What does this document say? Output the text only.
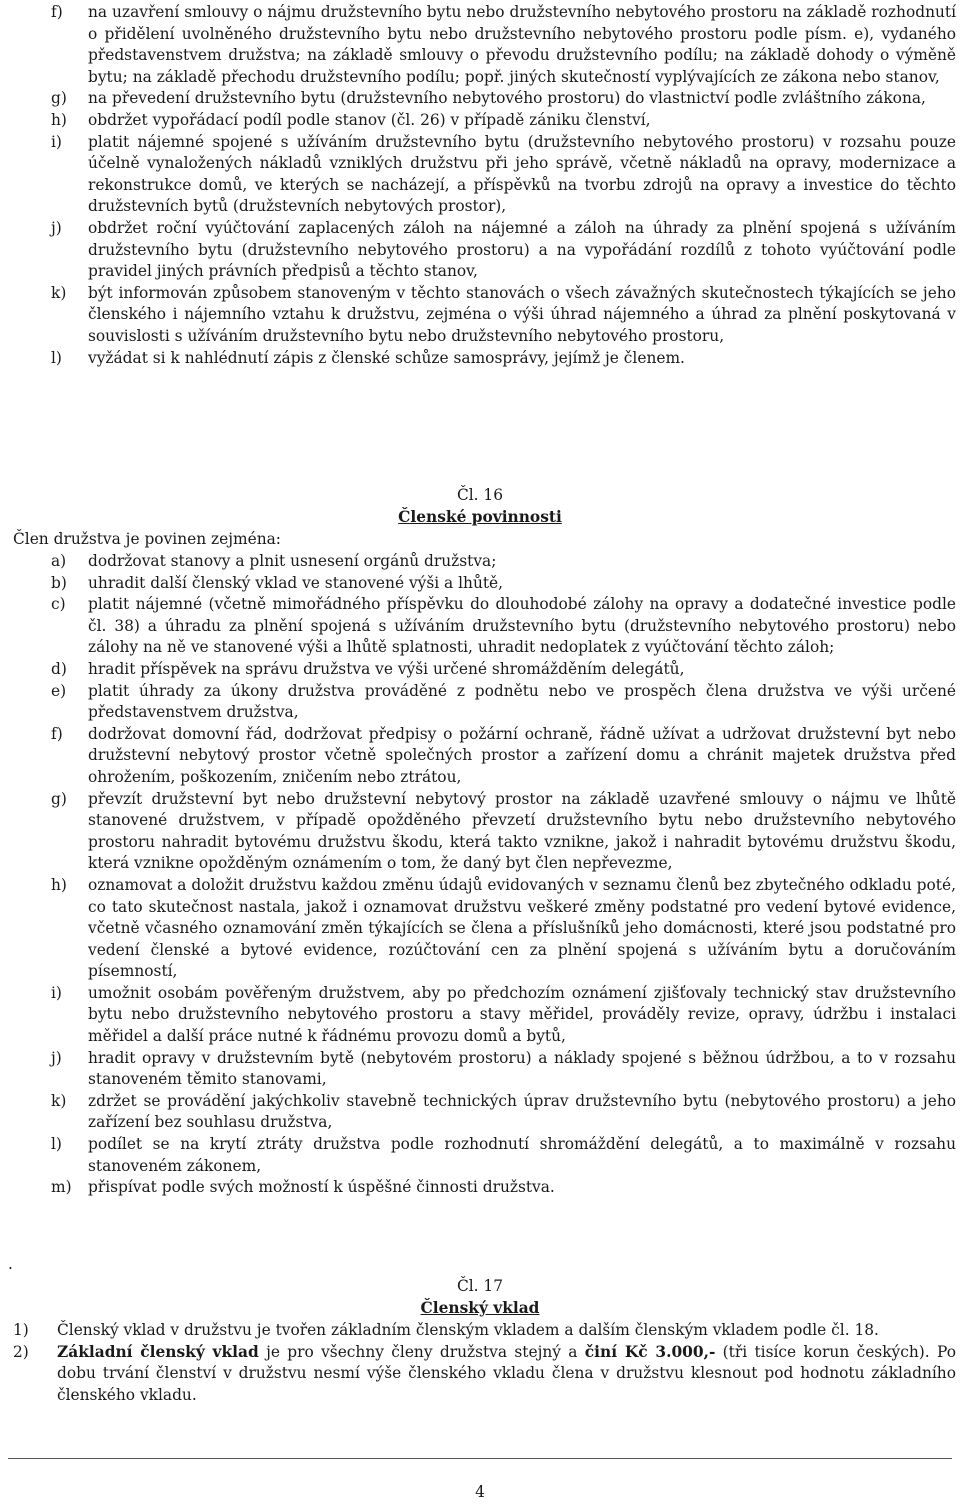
f) na uzavření smlouvy o nájmu družstevního bytu nebo družstevního nebytového prostoru na základě rozhodnutí o přidělení uvolněného družstevního bytu nebo družstevního nebytového prostoru podle písm. e), vydaného představenstvem družstva; na základě smlouvy o převodu družstevního podílu; na základě dohody o výměně bytu; na základě přechodu družstevního podílu; popř. jiných skutečností vyplývajících ze zákona nebo stanov,
g) na převedení družstevního bytu (družstevního nebytového prostoru) do vlastnictví podle zvláštního zákona,
h) obdržet vypořádací podíl podle stanov (čl. 26) v případě zániku členství,
i) platit nájemné spojené s užíváním družstevního bytu (družstevního nebytového prostoru) v rozsahu pouze účelně vynaložených nákladů vzniklých družstvu při jeho správě, včetně nákladů na opravy, modernizace a rekonstrukce domů, ve kterých se nacházejí, a příspěvků na tvorbu zdrojů na opravy a investice do těchto družstevních bytů (družstevních nebytových prostor),
j) obdržet roční vyúčtování zaplacených záloh na nájemné a záloh na úhrady za plnění spojená s užíváním družstevního bytu (družstevního nebytového prostoru) a na vypořádání rozdílů z tohoto vyúčtování podle pravidel jiných právních předpisů a těchto stanov,
k) být informován způsobem stanoveným v těchto stanovách o všech závažných skutečnostech týkajících se jeho členského i nájemního vztahu k družstvu, zejména o výši úhrad nájemného a úhrad za plnění poskytovaná v souvislosti s užíváním družstevního bytu nebo družstevního nebytového prostoru,
l) vyžádat si k nahlédnutí zápis z členské schůze samosprávy, jejímž je členem.
Čl. 16
Členské povinnosti
Člen družstva je povinen zejména:
a) dodržovat stanovy a plnit usnesení orgánů družstva;
b) uhradit další členský vklad ve stanovené výši a lhůtě,
c) platit nájemné (včetně mimořádného příspěvku do dlouhodobé zálohy na opravy a dodatečné investice podle čl. 38) a úhradu za plnění spojená s užíváním družstevního bytu (družstevního nebytového prostoru) nebo zálohy na ně ve stanovené výši a lhůtě splatnosti, uhradit nedoplatek z vyúčtování těchto záloh;
d) hradit příspěvek na správu družstva ve výši určené shromážděním delegátů,
e) platit úhrady za úkony družstva prováděné z podnětu nebo ve prospěch člena družstva ve výši určené představenstvem družstva,
f) dodržovat domovní řád, dodržovat předpisy o požární ochraně, řádně užívat a udržovat družstevní byt nebo družstevní nebytový prostor včetně společných prostor a zařízení domu a chránit majetek družstva před ohrožením, poškozením, zničením nebo ztrátou,
g) převzít družstevní byt nebo družstevní nebytový prostor na základě uzavřené smlouvy o nájmu ve lhůtě stanovené družstvem, v případě opožděného převzetí družstevního bytu nebo družstevního nebytového prostoru nahradit bytovému družstvu škodu, která takto vznikne, jakož i nahradit bytovému družstvu škodu, která vznikne opožděným oznámením o tom, že daný byt člen nepřevezme,
h) oznamovat a doložit družstvu každou změnu údajů evidovaných v seznamu členů bez zbytečného odkladu poté, co tato skutečnost nastala, jakož i oznamovat družstvu veškeré změny podstatné pro vedení bytové evidence, včetně včasného oznamování změn týkajících se člena a příslušníků jeho domácnosti, které jsou podstatné pro vedení členské a bytové evidence, rozúčtování cen za plnění spojená s užíváním bytu a doručováním písemností,
i) umožnit osobám pověřeným družstvem, aby po předchozím oznámení zjišťovaly technický stav družstevního bytu nebo družstevního nebytového prostoru a stavy měřidel, prováděly revize, opravy, údržbu i instalaci měřidel a další práce nutné k řádnému provozu domů a bytů,
j) hradit opravy v družstevním bytě (nebytovém prostoru) a náklady spojené s běžnou údržbou, a to v rozsahu stanoveném těmito stanovami,
k) zdržet se provádění jakýchkoliv stavebně technických úprav družstevního bytu (nebytového prostoru) a jeho zařízení bez souhlasu družstva,
l) podílet se na krytí ztráty družstva podle rozhodnutí shromáždění delegátů, a to maximálně v rozsahu stanoveném zákonem,
m) přispívat podle svých možností k úspěšné činnosti družstva.
.
Čl. 17
Členský vklad
1) Členský vklad v družstvu je tvořen základním členským vkladem a dalším členským vkladem podle čl. 18.
2) Základní členský vklad je pro všechny členy družstva stejný a činí Kč 3.000,- (tři tisíce korun českých). Po dobu trvání členství v družstvu nesmí výše členského vkladu člena v družstvu klesnout pod hodnotu základního členského vkladu.
4
